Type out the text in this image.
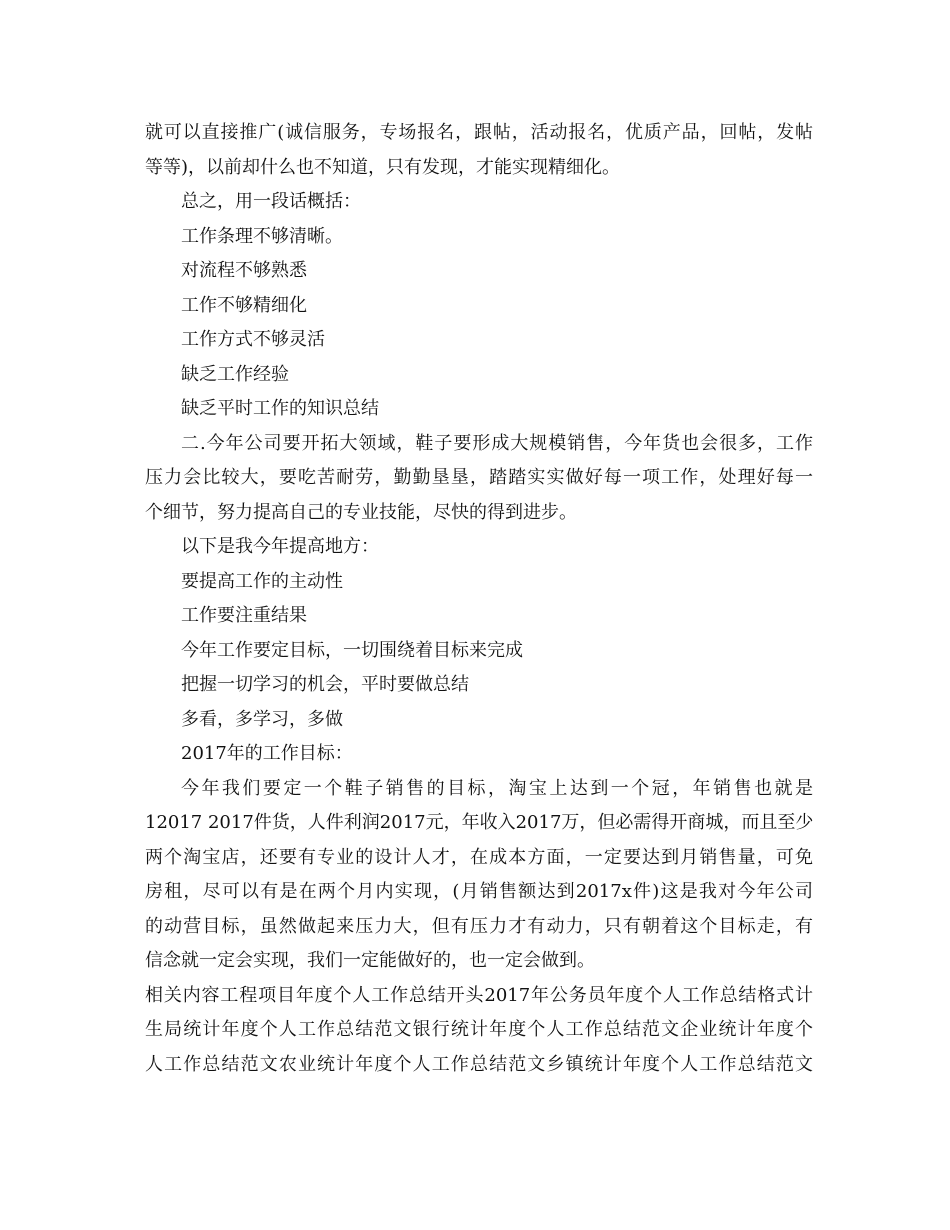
就可以直接推广(诚信服务，专场报名，跟帖，活动报名，优质产品，回帖，发帖
等等)，以前却什么也不知道，只有发现，才能实现精细化。
总之，用一段话概括：
工作条理不够清晰。
对流程不够熟悉
工作不够精细化
工作方式不够灵活
缺乏工作经验
缺乏平时工作的知识总结
二.今年公司要开拓大领域，鞋子要形成大规模销售，今年货也会很多，工作
压力会比较大，要吃苦耐劳，勤勤垦垦，踏踏实实做好每一项工作，处理好每一
个细节，努力提高自己的专业技能，尽快的得到进步。
以下是我今年提高地方：
要提高工作的主动性
工作要注重结果
今年工作要定目标，一切围绕着目标来完成
把握一切学习的机会，平时要做总结
多看，多学习，多做
2017年的工作目标：
今年我们要定一个鞋子销售的目标，淘宝上达到一个冠，年销售也就是
12017 2017件货，人件利润2017元，年收入2017万，但必需得开商城，而且至少
两个淘宝店，还要有专业的设计人才，在成本方面，一定要达到月销售量，可免
房租，尽可以有是在两个月内实现，(月销售额达到2017x件)这是我对今年公司
的动营目标，虽然做起来压力大，但有压力才有动力，只有朝着这个目标走，有
信念就一定会实现，我们一定能做好的，也一定会做到。
相关内容工程项目年度个人工作总结开头2017年公务员年度个人工作总结格式计
生局统计年度个人工作总结范文银行统计年度个人工作总结范文企业统计年度个
人工作总结范文农业统计年度个人工作总结范文乡镇统计年度个人工作总结范文
